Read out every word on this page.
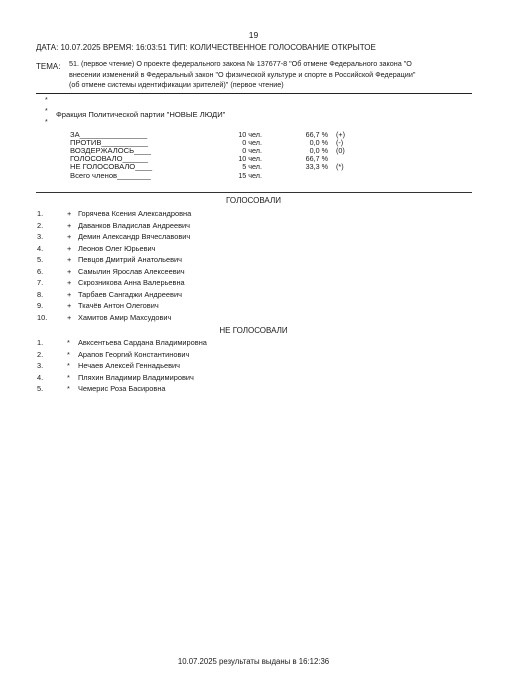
19
ДАТА: 10.07.2025 ВРЕМЯ: 16:03:51 ТИП: КОЛИЧЕСТВЕННОЕ ГОЛОСОВАНИЕ ОТКРЫТОЕ
ТЕМА: 51. (первое чтение) О проекте федерального закона № 137677-8 "Об отмене Федерального закона "О
внесении изменений в Федеральный закон "О физической культуре и спорте в Российской Федерации"
(об отмене системы идентификации зрителей)" (первое чтение)
*
* Фракция Политической партии "НОВЫЕ ЛЮДИ"
*
ЗА________________	10 чел.	66,7 % (+)
ПРОТИВ___________	0 чел.	0,0 % (-)
ВОЗДЕРЖАЛОСЬ____	0 чел.	0,0 % (0)
ГОЛОСОВАЛО______	10 чел.	66,7 %
НЕ ГОЛОСОВАЛО____	5 чел.	33,3 % (*)
Всего членов________	15 чел.
ГОЛОСОВАЛИ
1.	+ Горячева Ксения Александровна
2.	+ Даванков Владислав Андреевич
3.	+ Демин Александр Вячеславович
4.	+ Леонов Олег Юрьевич
5.	+ Певцов Дмитрий Анатольевич
6.	+ Самылин Ярослав Алексеевич
7.	+ Скрозникова Анна Валерьевна
8.	+ Тарбаев Сангаджи Андреевич
9.	+ Ткачёв Антон Олегович
10.	+ Хамитов Амир Махсудович
НЕ ГОЛОСОВАЛИ
1.	* Авксентьева Сардана Владимировна
2.	* Арапов Георгий Константинович
3.	* Нечаев Алексей Геннадьевич
4.	* Пляхин Владимир Владимирович
5.	* Чемерис Роза Басировна
10.07.2025 результаты выданы в 16:12:36
